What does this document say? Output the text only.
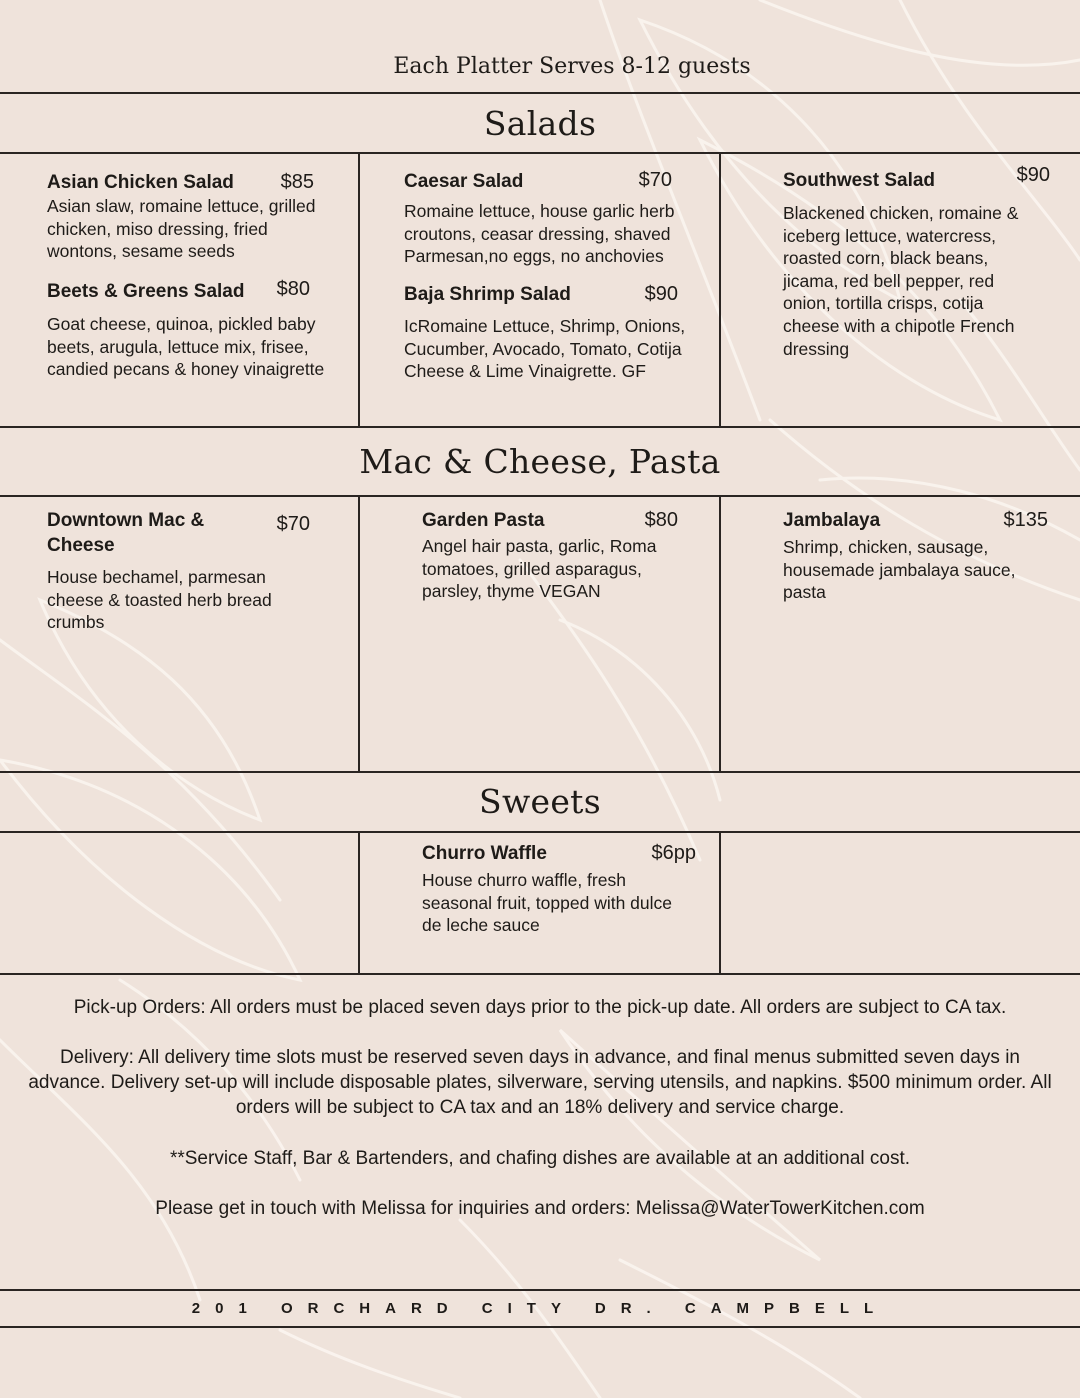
Each Platter Serves 8-12 guests
Salads
Asian Chicken Salad	$85
Asian slaw, romaine lettuce, grilled chicken, miso dressing, fried wontons, sesame seeds
Beets & Greens Salad	$80
Goat cheese, quinoa, pickled baby beets, arugula, lettuce mix, frisee, candied pecans & honey vinaigrette
Caesar Salad	$70
Romaine lettuce, house garlic herb croutons, ceasar dressing, shaved Parmesan,no eggs, no anchovies
Baja Shrimp Salad	$90
IcRomaine Lettuce, Shrimp, Onions, Cucumber, Avocado, Tomato, Cotija Cheese & Lime Vinaigrette. GF
Southwest Salad	$90
Blackened chicken, romaine & iceberg lettuce, watercress, roasted corn, black beans, jicama, red bell pepper, red onion, tortilla crisps, cotija cheese with a chipotle French dressing
Mac & Cheese, Pasta
Downtown Mac & Cheese
$70
House bechamel, parmesan cheese & toasted herb bread crumbs
Garden Pasta	$80
Angel hair pasta, garlic, Roma tomatoes, grilled asparagus, parsley, thyme VEGAN
Jambalaya	$135
Shrimp, chicken, sausage, housemade jambalaya sauce, pasta
Sweets
Churro Waffle	$6pp
House churro waffle, fresh seasonal fruit, topped with dulce de leche sauce
Pick-up Orders: All orders must be placed seven days prior to the pick-up date. All orders are subject to CA tax.
Delivery: All delivery time slots must be reserved seven days in advance, and final menus submitted seven days in advance. Delivery set-up will include disposable plates, silverware, serving utensils, and napkins. $500 minimum order. All orders will be subject to CA tax and an 18% delivery and service charge.
**Service Staff, Bar & Bartenders, and chafing dishes are available at an additional cost.
Please get in touch with Melissa for inquiries and orders: Melissa@WaterTowerKitchen.com
201 ORCHARD CITY DR. CAMPBELL
